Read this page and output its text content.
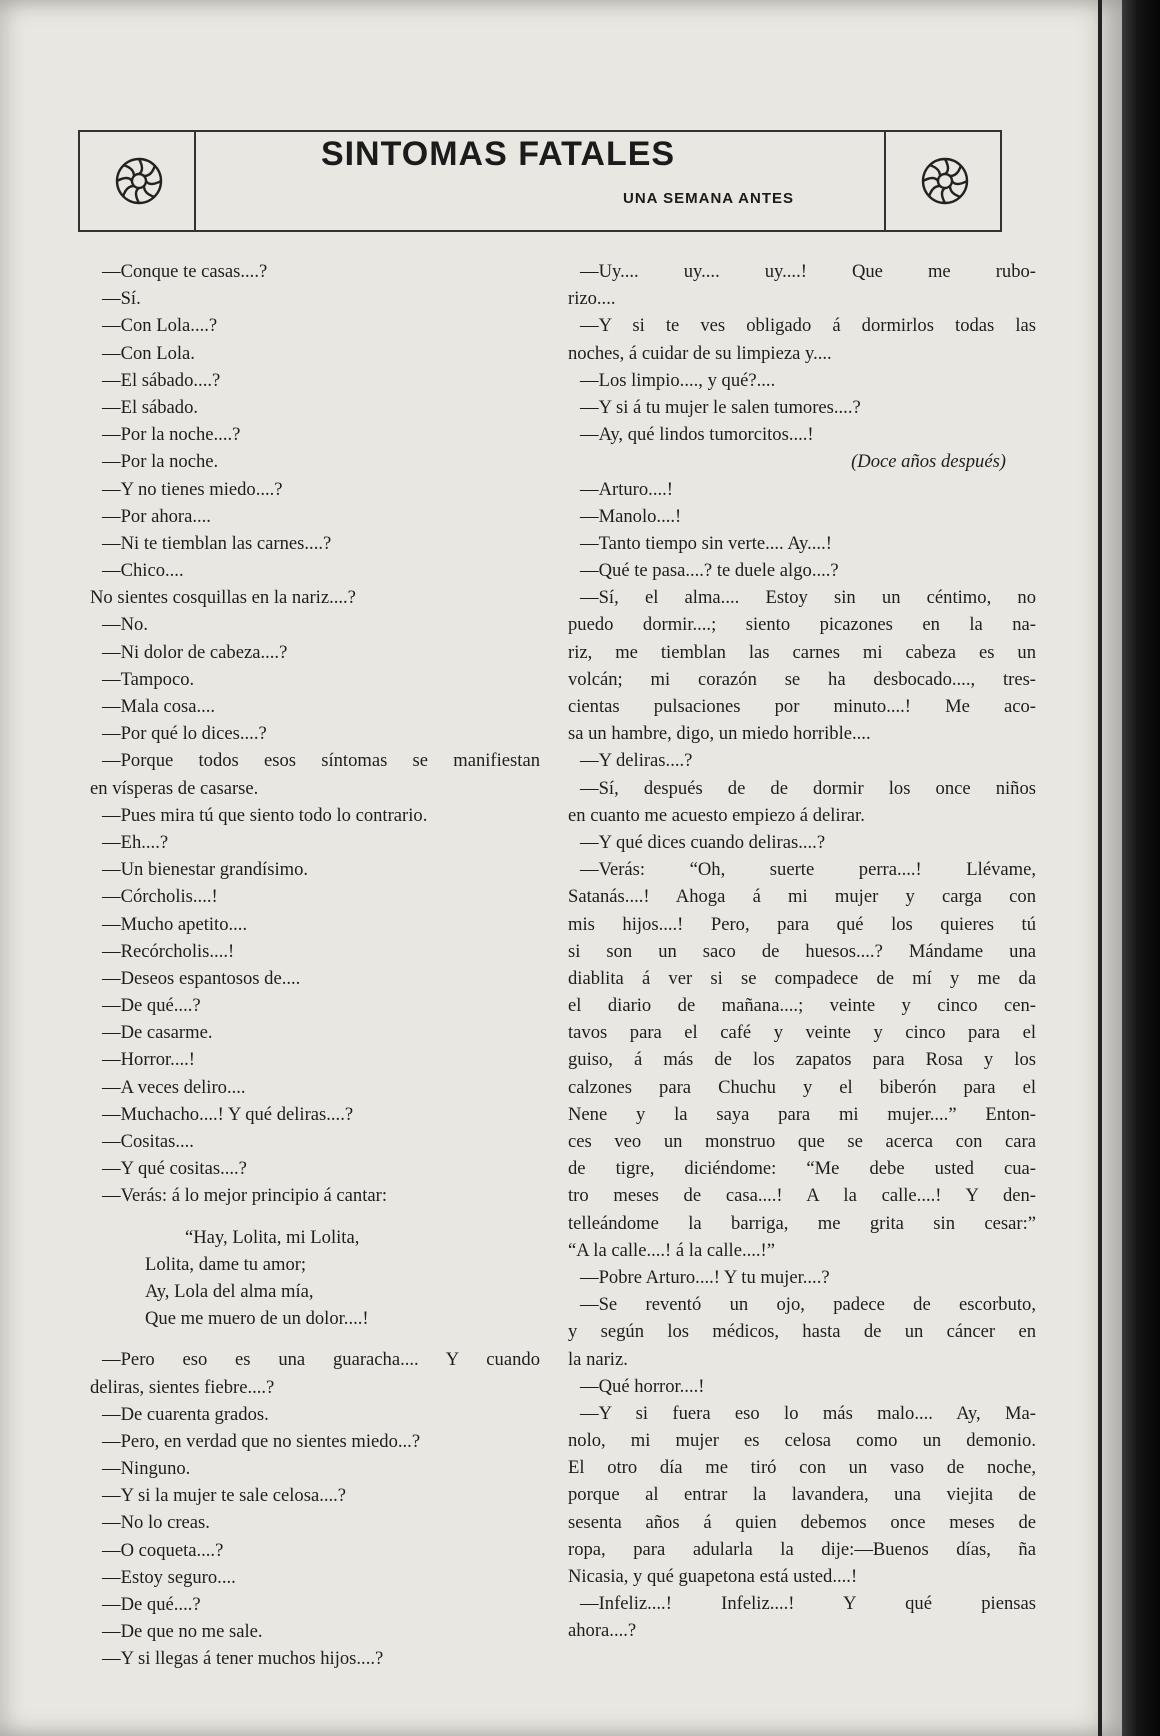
SINTOMAS FATALES
UNA SEMANA ANTES
—Conque te casas....?
—Sí.
—Con Lola....?
—Con Lola.
—El sábado....?
—El sábado.
—Por la noche....?
—Por la noche.
—Y no tienes miedo....?
—Por ahora....
—Ni te tiemblan las carnes....?
—Chico....
No sientes cosquillas en la nariz....?
—No.
—Ni dolor de cabeza....?
—Tampoco.
—Mala cosa....
—Por qué lo dices....?
—Porque todos esos síntomas se manifiestan
en vísperas de casarse.
—Pues mira tú que siento todo lo contrario.
—Eh....?
—Un bienestar grandísimo.
—Córcholis....!
—Mucho apetito....
—Recórcholis....!
—Deseos espantosos de....
—De qué....?
—De casarme.
—Horror....!
—A veces deliro....
—Muchacho....! Y qué deliras....?
—Cositas....
—Y qué cositas....?
—Verás: á lo mejor principio á cantar:
“Hay, Lolita, mi Lolita,
Lolita, dame tu amor;
Ay, Lola del alma mía,
Que me muero de un dolor....!
—Pero eso es una guaracha.... Y cuando
deliras, sientes fiebre....?
—De cuarenta grados.
—Pero, en verdad que no sientes miedo...?
—Ninguno.
—Y si la mujer te sale celosa....?
—No lo creas.
—O coqueta....?
—Estoy seguro....
—De qué....?
—De que no me sale.
—Y si llegas á tener muchos hijos....?
—Uy.... uy.... uy....! Que me rubo-
rizo....
—Y si te ves obligado á dormirlos todas las
noches, á cuidar de su limpieza y....
—Los limpio...., y qué?....
—Y si á tu mujer le salen tumores....?
—Ay, qué lindos tumorcitos....!
(Doce años después)
—Arturo....!
—Manolo....!
—Tanto tiempo sin verte.... Ay....!
—Qué te pasa....? te duele algo....?
—Sí, el alma.... Estoy sin un céntimo, no
puedo dormir....; siento picazones en la na-
riz, me tiemblan las carnes mi cabeza es un
volcán; mi corazón se ha desbocado...., tres-
cientas pulsaciones por minuto....! Me aco-
sa un hambre, digo, un miedo horrible....
—Y deliras....?
—Sí, después de de dormir los once niños
en cuanto me acuesto empiezo á delirar.
—Y qué dices cuando deliras....?
—Verás: “Oh, suerte perra....! Llévame,
Satanás....! Ahoga á mi mujer y carga con
mis hijos....! Pero, para qué los quieres tú
si son un saco de huesos....? Mándame una
diablita á ver si se compadece de mí y me da
el diario de mañana....; veinte y cinco cen-
tavos para el café y veinte y cinco para el
guiso, á más de los zapatos para Rosa y los
calzones para Chuchu y el biberón para el
Nene y la saya para mi mujer....” Enton-
ces veo un monstruo que se acerca con cara
de tigre, diciéndome: “Me debe usted cua-
tro meses de casa....! A la calle....! Y den-
telleándome la barriga, me grita sin cesar:”
“A la calle....! á la calle....!”
—Pobre Arturo....! Y tu mujer....?
—Se reventó un ojo, padece de escorbuto,
y según los médicos, hasta de un cáncer en
la nariz.
—Qué horror....!
—Y si fuera eso lo más malo.... Ay, Ma-
nolo, mi mujer es celosa como un demonio.
El otro día me tiró con un vaso de noche,
porque al entrar la lavandera, una viejita de
sesenta años á quien debemos once meses de
ropa, para adularla la dije:—Buenos días, ña
Nicasia, y qué guapetona está usted....!
—Infeliz....! Infeliz....! Y qué piensas
ahora....?
